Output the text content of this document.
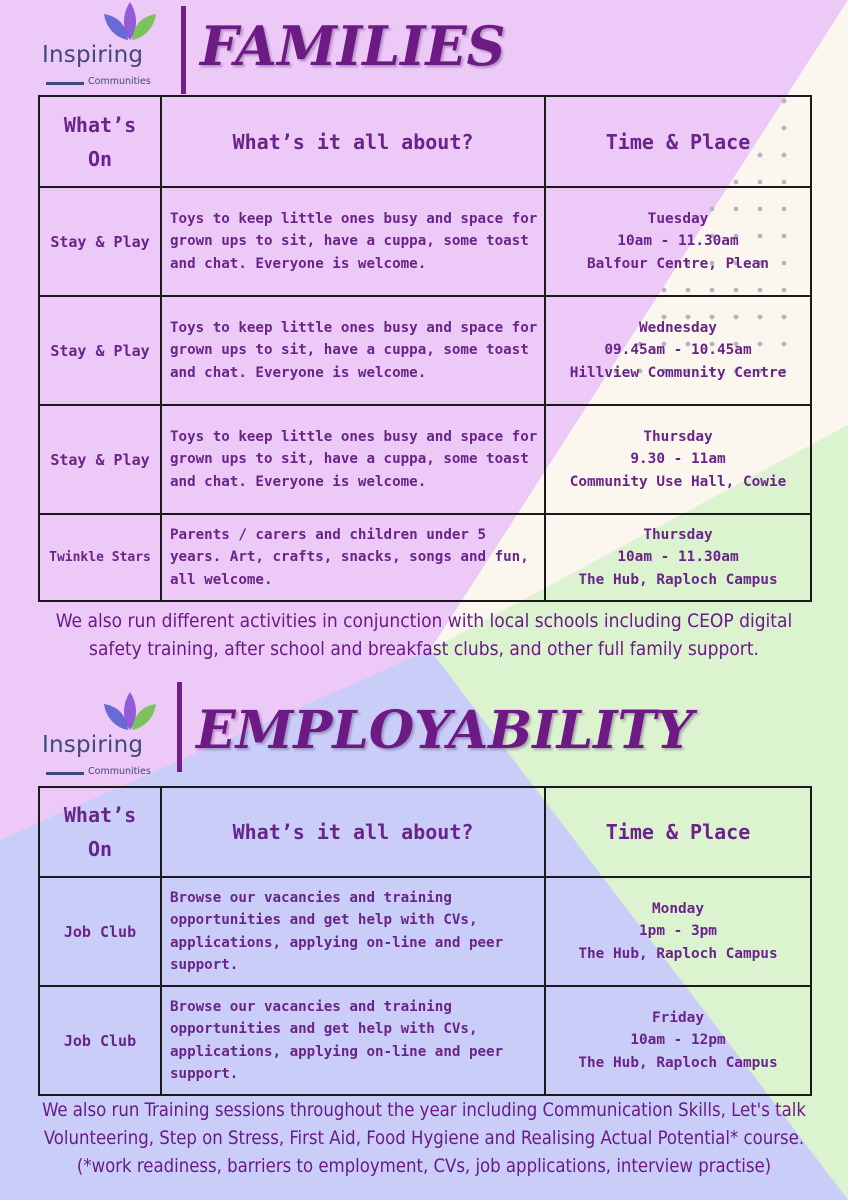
Inspiring
Communities
FAMILIES
What’s On	What’s it all about?	Time & Place
Stay & Play	Toys to keep little ones busy and space for grown ups to sit, have a cuppa, some toast and chat. Everyone is welcome.	Tuesday
10am - 11.30am
Balfour Centre, Plean

Stay & Play	Toys to keep little ones busy and space for grown ups to sit, have a cuppa, some toast and chat. Everyone is welcome.	Wednesday
09.45am - 10.45am
Hillview Community Centre

Stay & Play	Toys to keep little ones busy and space for grown ups to sit, have a cuppa, some toast and chat. Everyone is welcome.	Thursday
9.30 - 11am
Community Use Hall, Cowie

Twinkle Stars	Parents / carers and children under 5 years. Art, crafts, snacks, songs and fun, all welcome.	Thursday
10am - 11.30am
The Hub, Raploch Campus
We also run different activities in conjunction with local schools including CEOP digital
safety training, after school and breakfast clubs, and other full family support.
Inspiring
Communities
EMPLOYABILITY
What’s On	What’s it all about?	Time & Place
Job Club	Browse our vacancies and training opportunities and get help with CVs, applications, applying on-line and peer support.	Monday
1pm - 3pm
The Hub, Raploch Campus

Job Club	Browse our vacancies and training opportunities and get help with CVs, applications, applying on-line and peer support.	Friday
10am - 12pm
The Hub, Raploch Campus
We also run Training sessions throughout the year including Communication Skills, Let's talk
Volunteering, Step on Stress, First Aid, Food Hygiene and Realising Actual Potential* course.
(*work readiness, barriers to employment, CVs, job applications, interview practise)
